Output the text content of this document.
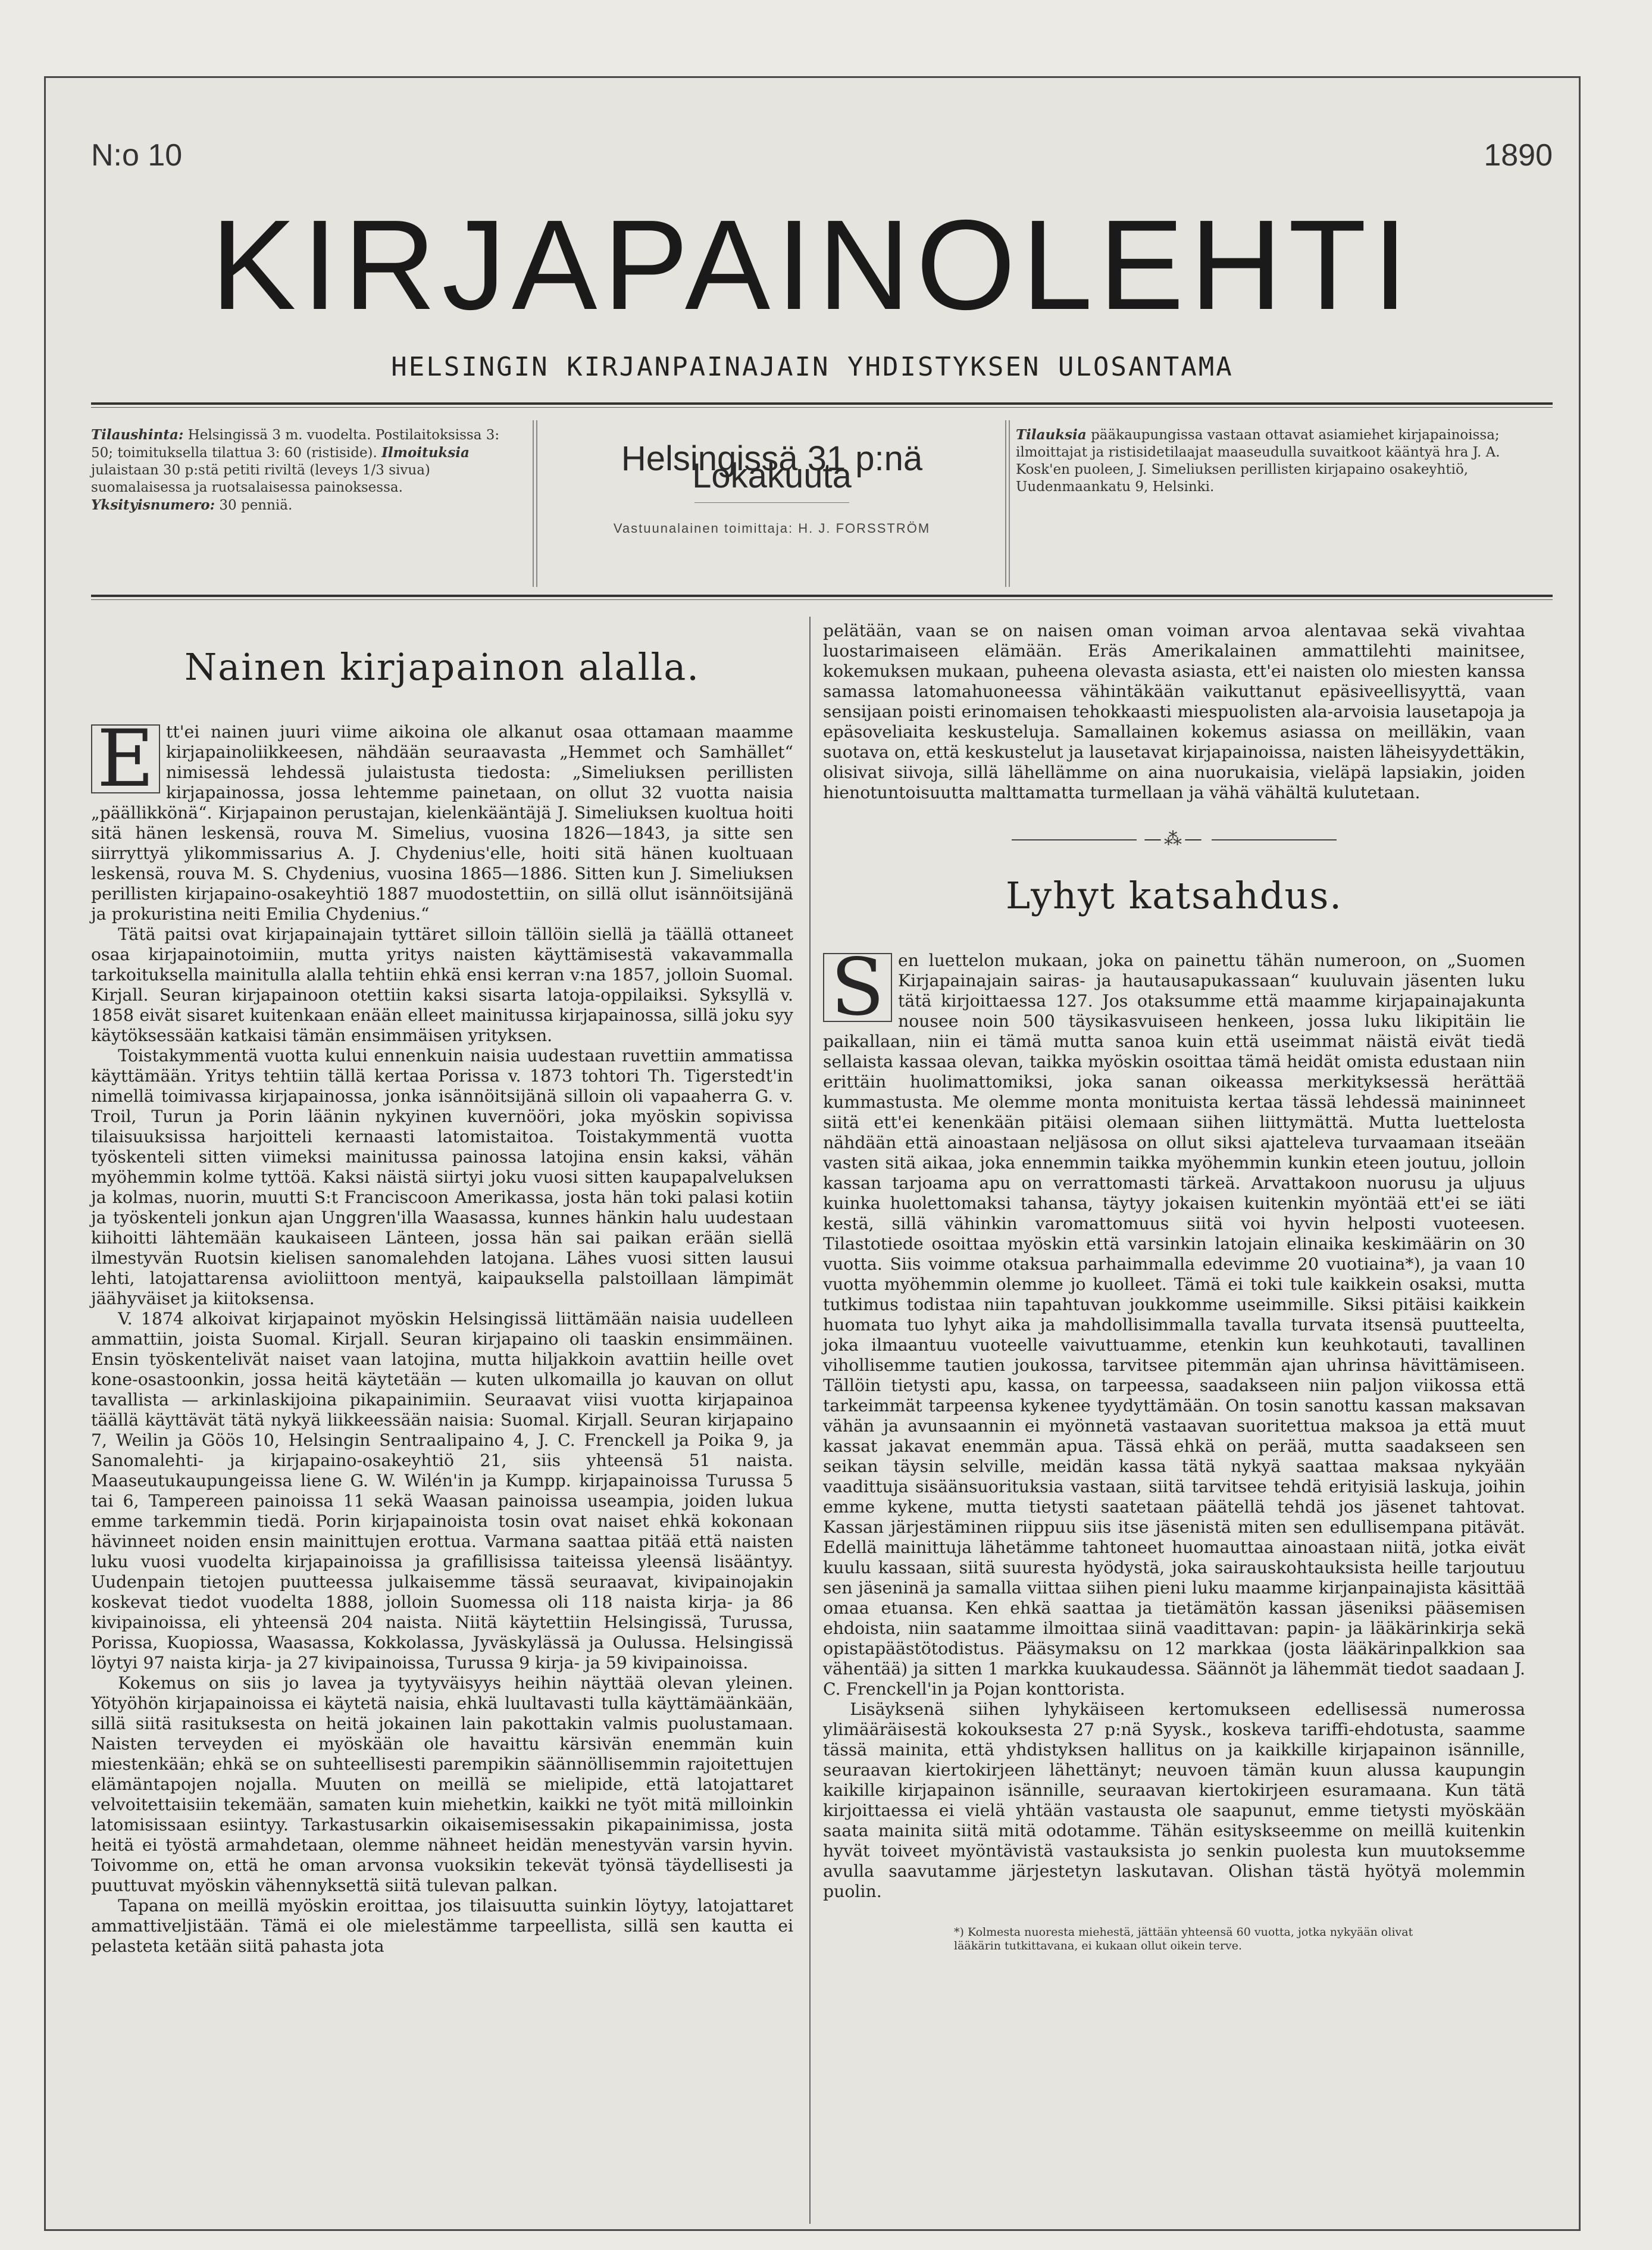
N:o 10	1890
KIRJAPAINOLEHTI
HELSINGIN KIRJANPAINAJAIN YHDISTYKSEN ULOSANTAMA
Tilaushinta: Helsingissä 3 m. vuodelta. Postilaitoksissa 3: 50; toimituksella tilattua 3: 60 (ristiside). Ilmoituksia julaistaan 30 p:stä petiti riviltä (leveys 1/3 sivua) suomalaisessa ja ruotsalaisessa painoksessa. Yksityisnumero: 30 penniä.
Helsingissä 31 p:nä Lokakuuta
Vastuunalainen toimittaja: H. J. FORSSTRÖM
Tilauksia pääkaupungissa vastaan ottavat asiamiehet kirjapainoissa; ilmoittajat ja ristisidetilaajat maaseudulla suvaitkoot kääntyä hra J. A. Kosk'en puoleen, J. Simeliuksen perillisten kirjapaino osakeyhtiö, Uudenmaankatu 9, Helsinki.
Nainen kirjapainon alalla.
E tt'ei nainen juuri viime aikoina ole alkanut osaa ottamaan maamme kirjapainoliikkeesen, nähdään seuraavasta „Hemmet och Samhället“ nimisessä lehdessä julaistusta tiedosta: „Simeliuksen perillisten kirjapainossa, jossa lehtemme painetaan, on ollut 32 vuotta naisia „päällikkönä“. Kirjapainon perustajan, kielenkääntäjä J. Simeliuksen kuoltua hoiti sitä hänen leskensä, rouva M. Simelius, vuosina 1826—1843, ja sitte sen siirryttyä ylikommissarius A. J. Chydenius'elle, hoiti sitä hänen kuoltuaan leskensä, rouva M. S. Chydenius, vuosina 1865—1886. Sitten kun J. Simeliuksen perillisten kirjapaino-osakeyhtiö 1887 muodostettiin, on sillä ollut isännöitsijänä ja prokuristina neiti Emilia Chydenius.“

Tätä paitsi ovat kirjapainajain tyttäret silloin tällöin siellä ja täällä ottaneet osaa kirjapainotoimiin, mutta yritys naisten käyttämisestä vakavammalla tarkoituksella mainitulla alalla tehtiin ehkä ensi kerran v:na 1857, jolloin Suomal. Kirjall. Seuran kirjapainoon otettiin kaksi sisarta latoja-oppilaiksi. Syksyllä v. 1858 eivät sisaret kuitenkaan enään elleet mainitussa kirjapainossa, sillä joku syy käytöksessään katkaisi tämän ensimmäisen yrityksen.

Toistakymmentä vuotta kului ennenkuin naisia uudestaan ruvettiin ammatissa käyttämään. Yritys tehtiin tällä kertaa Porissa v. 1873 tohtori Th. Tigerstedt'in nimellä toimivassa kirjapainossa, jonka isännöitsijänä silloin oli vapaaherra G. v. Troil, Turun ja Porin läänin nykyinen kuvernööri, joka myöskin sopivissa tilaisuuksissa harjoitteli kernaasti latomistaitoa. Toistakymmentä vuotta työskenteli sitten viimeksi mainitussa painossa latojina ensin kaksi, vähän myöhemmin kolme tyttöä. Kaksi näistä siirtyi joku vuosi sitten kaupapalveluksen ja kolmas, nuorin, muutti S:t Franciscoon Amerikassa, josta hän toki palasi kotiin ja työskenteli jonkun ajan Unggren'illa Waasassa, kunnes hänkin halu uudestaan kiihoitti lähtemään kaukaiseen Länteen, jossa hän sai paikan erään siellä ilmestyvän Ruotsin kielisen sanomalehden latojana. Lähes vuosi sitten lausui lehti, latojattarensa avioliittoon mentyä, kaipauksella palstoillaan lämpimät jäähyväiset ja kiitoksensa.

V. 1874 alkoivat kirjapainot myöskin Helsingissä liittämään naisia uudelleen ammattiin, joista Suomal. Kirjall. Seuran kirjapaino oli taaskin ensimmäinen. Ensin työskentelivät naiset vaan latojina, mutta hiljakkoin avattiin heille ovet kone-osastoonkin, jossa heitä käytetään — kuten ulkomailla jo kauvan on ollut tavallista — arkinlaskijoina pikapainimiin. Seuraavat viisi vuotta kirjapainoa täällä käyttävät tätä nykyä liikkeessään naisia: Suomal. Kirjall. Seuran kirjapaino 7, Weilin ja Göös 10, Helsingin Sentraalipaino 4, J. C. Frenckell ja Poika 9, ja Sanomalehti- ja kirjapaino-osakeyhtiö 21, siis yhteensä 51 naista. Maaseutukaupungeissa liene G. W. Wilén'in ja Kumpp. kirjapainoissa Turussa 5 tai 6, Tampereen painoissa 11 sekä Waasan painoissa useampia, joiden lukua emme tarkemmin tiedä. Porin kirjapainoista tosin ovat naiset ehkä kokonaan hävinneet noiden ensin mainittujen erottua. Varmana saattaa pitää että naisten luku vuosi vuodelta kirjapainoissa ja grafillisissa taiteissa yleensä lisääntyy. Uudenpain tietojen puutteessa julkaisemme tässä seuraavat, kivipainojakin koskevat tiedot vuodelta 1888, jolloin Suomessa oli 118 naista kirja- ja 86 kivipainoissa, eli yhteensä 204 naista. Niitä käytettiin Helsingissä, Turussa, Porissa, Kuopiossa, Waasassa, Kokkolassa, Jyväskylässä ja Oulussa. Helsingissä löytyi 97 naista kirja- ja 27 kivipainoissa, Turussa 9 kirja- ja 59 kivipainoissa.

Kokemus on siis jo laveа ja tyytyväisyys heihin näyttää olevan yleinen. Yötyöhön kirjapainoissa ei käytetä naisia, ehkä luultavasti tulla käyttämäänkään, sillä siitä rasituksesta on heitä jokainen lain pakottakin valmis puolustamaan. Naisten terveyden ei myöskään ole havaittu kärsivän enemmän kuin miestenkään; ehkä se on suhteellisesti parempikin säännöllisemmin rajoitettujen elämäntapojen nojalla. Muuten on meillä se mielipide, että latojattaret velvoitettaisiin tekemään, samaten kuin miehetkin, kaikki ne työt mitä milloinkin latomisissaan esiintyy. Tarkastusarkin oikaisemisessakin pikapainimissa, josta heitä ei työstä armahdetaan, olemme nähneet heidän menestyvän varsin hyvin. Toivomme on, että he oman arvonsa vuoksikin tekevät työnsä täydellisesti ja puuttuvat myöskin vähennyksettä siitä tulevan palkan.

Tapana on meillä myöskin eroittaa, jos tilaisuutta suinkin löytyy, latojattaret ammattiveljistään. Tämä ei ole mielestämme tarpeellista, sillä sen kautta ei pelasteta ketään siitä pahasta jota

pelätään, vaan se on naisen oman voiman arvoa alentavaa sekä vivahtaa luostarimaiseen elämään. Eräs Amerikalainen ammattilehti mainitsee, kokemuksen mukaan, puheena olevasta asiasta, ett'ei naisten olo miesten kanssa samassa latomahuoneessa vähintäkään vaikuttanut epäsiveellisyyttä, vaan sensijaan poisti erinomaisen tehokkaasti miespuolisten ala-arvoisia lausetapoja ja epäsoveliaita keskusteluja. Samallainen kokemus asiassa on meilläkin, vaan suotava on, että keskustelut ja lausetavat kirjapainoissa, naisten läheisyydettäkin, olisivat siivoja, sillä lähellämme on aina nuorukaisia, vieläpä lapsiakin, joiden hienotuntoisuutta malttamatta turmellaan ja vähä vähältä kulutetaan.

—⁂—
Lyhyt katsahdus.
S en luettelon mukaan, joka on painettu tähän numeroon, on „Suomen Kirjapainajain sairas- ja hautausapukassaan“ kuuluvain jäsenten luku tätä kirjoittaessa 127. Jos otaksumme että maamme kirjapainajakunta nousee noin 500 täysikasvuiseen henkeen, jossa luku likipitäin lie paikallaan, niin ei tämä mutta sanoa kuin että useimmat näistä eivät tiedä sellaista kassaa olevan, taikka myöskin osoittaa tämä heidät omista edustaan niin erittäin huolimattomiksi, joka sanan oikeassa merkityksessä herättää kummastusta. Me olemme monta monituista kertaa tässä lehdessä maininneet siitä ett'ei kenenkään pitäisi olemaan siihen liittymättä. Mutta luettelosta nähdään että ainoastaan neljäsosa on ollut siksi ajatteleva turvaamaan itseään vasten sitä aikaa, joka ennemmin taikka myöhemmin kunkin eteen joutuu, jolloin kassan tarjoama apu on verrattomasti tärkeä. Arvattakoon nuorusu ja uljuus kuinka huolettomaksi tahansa, täytyy jokaisen kuitenkin myöntää ett'ei se iäti kestä, sillä vähinkin varomattomuus siitä voi hyvin helposti vuoteesen. Tilastotiede osoittaa myöskin että varsinkin latojain elinaika keskimäärin on 30 vuotta. Siis voimme otaksua parhaimmalla edevimme 20 vuotiaina*), ja vaan 10 vuotta myöhemmin olemme jo kuolleet. Tämä ei toki tule kaikkein osaksi, mutta tutkimus todistaa niin tapahtuvan joukkomme useimmille. Siksi pitäisi kaikkein huomata tuo lyhyt aika ja mahdollisimmalla tavalla turvata itsensä puutteelta, joka ilmaantuu vuoteelle vaivuttuamme, etenkin kun keuhkotauti, tavallinen vihollisemme tautien joukossa, tarvitsee pitemmän ajan uhrinsa hävittämiseen. Tällöin tietysti apu, kassa, on tarpeessa, saadakseen niin paljon viikossa että tarkeimmät tarpeensa kykenee tyydyttämään. On tosin sanottu kassan maksavan vähän ja avunsaannin ei myönnetä vastaavan suoritettua maksoa ja että muut kassat jakavat enemmän apua. Tässä ehkä on perää, mutta saadakseen sen seikan täysin selville, meidän kassa tätä nykyä saattaa maksaa nykyään vaadittuja sisäänsuorituksia vastaan, siitä tarvitsee tehdä erityisiä laskuja, joihin emme kykene, mutta tietysti saatetaan päätellä tehdä jos jäsenet tahtovat. Kassan järjestäminen riippuu siis itse jäsenistä miten sen edullisempana pitävät. Edellä mainittuja lähetämme tahtoneet huomauttaa ainoastaan niitä, jotka eivät kuulu kassaan, siitä suuresta hyödystä, joka sairauskohtauksista heille tarjoutuu sen jäseninä ja samalla viittaa siihen pieni luku maamme kirjanpainajista käsittää omaa etuansa. Ken ehkä saattaa ja tietämätön kassan jäseniksi pääsemisen ehdoista, niin saatamme ilmoittaa siinä vaadittavan: papin- ja lääkärinkirja sekä opistapäästötodistus. Pääsymaksu on 12 markkaa (josta lääkärinpalkkion saa vähentää) ja sitten 1 markka kuukaudessa. Säännöt ja lähemmät tiedot saadaan J. C. Frenckell'in ja Pojan konttorista.

Lisäyksenä siihen lyhykäiseen kertomukseen edellisessä numerossa ylimääräisestä kokouksesta 27 p:nä Syysk., koskeva tariffi-ehdotusta, saamme tässä mainita, että yhdistyksen hallitus on ja kaikkille kirjapainon isännille, seuraavan kiertokirjeen lähettänyt; neuvoen tämän kuun alussa kaupungin kaikille kirjapainon isännille, seuraavan kiertokirjeen esuramaana. Kun tätä kirjoittaessa ei vielä yhtään vastausta ole saapunut, emme tietysti myöskään saata mainita siitä mitä odotamme. Tähän esityskseemme on meillä kuitenkin hyvät toiveet myöntävistä vastauksista jo senkin puolesta kun muutoksemme avulla saavutamme järjestetyn laskutavan. Olishan tästä hyötyä molemmin puolin.

*) Kolmesta nuoresta miehestä, jättään yhteensä 60 vuotta, jotka nykyään olivat
lääkärin tutkittavana, ei kukaan ollut oikein terve.
